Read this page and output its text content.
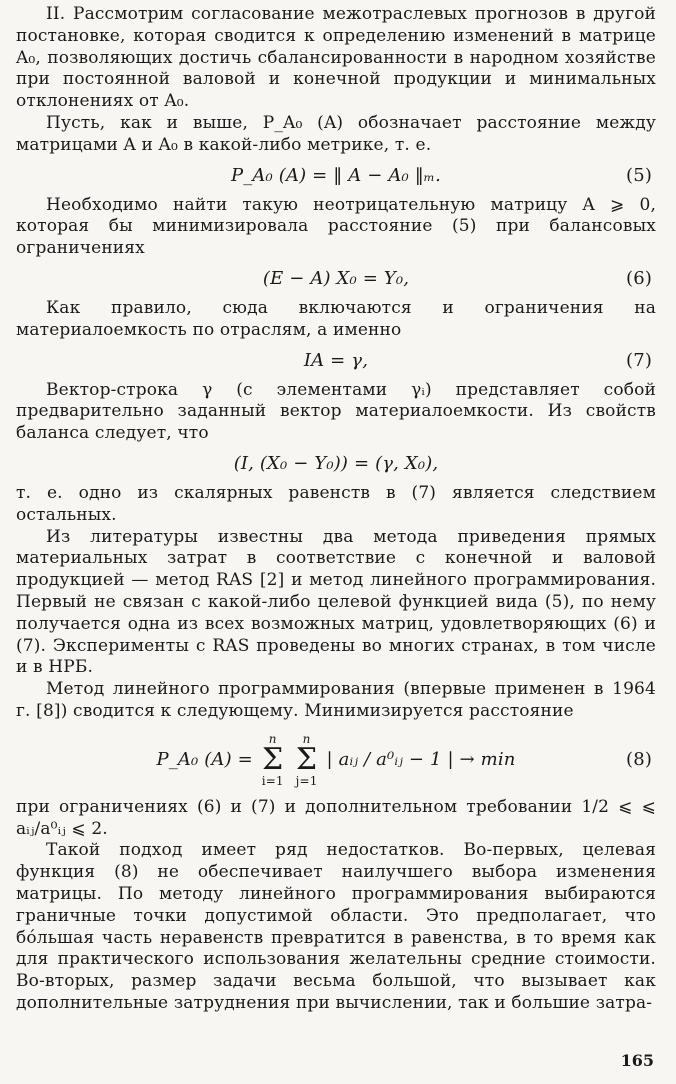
II. Рассмотрим согласование межотраслевых прогнозов в другой постановке, которая сводится к определению изменений в матрице A₀, позволяющих достичь сбалансированности в народном хозяйстве при постоянной валовой и конечной продукции и минимальных отклонениях от A₀.

Пусть, как и выше, P_A₀ (A) обозначает расстояние между матрицами A и A₀ в какой-либо метрике, т. е.

P_A₀ (A) = ‖ A − A₀ ‖ₘ.	(5)

Необходимо найти такую неотрицательную матрицу A ⩾ 0, которая бы минимизировала расстояние (5) при балансовых ограничениях

(E − A) X₀ = Y₀,	(6)

Как правило, сюда включаются и ограничения на материалоемкость по отраслям, а именно

IA = γ,	(7)

Вектор-строка γ (с элементами γᵢ) представляет собой предварительно заданный вектор материалоемкости. Из свойств баланса следует, что

(I, (X₀ − Y₀)) = (γ, X₀),

т. е. одно из скалярных равенств в (7) является следствием остальных.

Из литературы известны два метода приведения прямых материальных затрат в соответствие с конечной и валовой продукцией — метод RAS [2] и метод линейного программирования. Первый не связан с какой-либо целевой функцией вида (5), по нему получается одна из всех возможных матриц, удовлетворяющих (6) и (7). Эксперименты с RAS проведены во многих странах, в том числе и в НРБ.

Метод линейного программирования (впервые применен в 1964 г. [8]) сводится к следующему. Минимизируется расстояние

P_A₀ (A) =
n
Σ
i=1

n
Σ
j=1
| aᵢⱼ / a⁰ᵢⱼ − 1 | → min	(8)

при ограничениях (6) и (7) и дополнительном требовании 1/2 ⩽ ⩽ aᵢⱼ/a⁰ᵢⱼ ⩽ 2.

Такой подход имеет ряд недостатков. Во-первых, целевая функция (8) не обеспечивает наилучшего выбора изменения матрицы. По методу линейного программирования выбираются граничные точки допустимой области. Это предполагает, что бóльшая часть неравенств превратится в равенства, в то время как для практического использования желательны средние стоимости. Во-вторых, размер задачи весьма большой, что вызывает как дополнительные затруднения при вычислении, так и большие затра-

165
